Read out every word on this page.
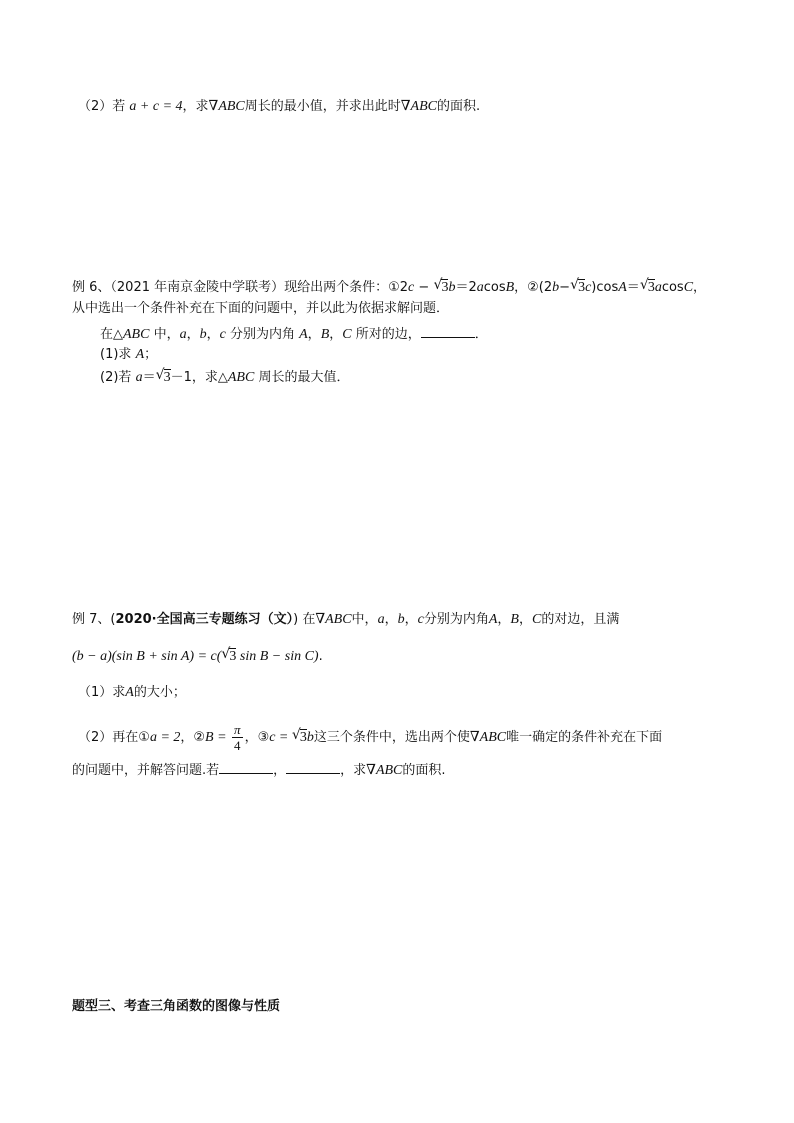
（2）若 a + c = 4，求∇ABC周长的最小值，并求出此时∇ABC的面积.
例 6、（2021 年南京金陵中学联考）现给出两个条件：①2c − √ 3b＝2acosB，②(2b− √ 3c)cosA＝ √ 3acosC，
从中选出一个条件补充在下面的问题中，并以此为依据求解问题．
在△ABC 中，a，b，c 分别为内角 A，B，C 所对的边，	．
(1)求 A；
(2)若 a＝ √ 3－1，求△ABC 周长的最大值．
例 7、(2020·全国高三专题练习（文）) 在∇ABC中，a，b，c分别为内角A，B，C的对边，且满
(b − a)(sin B + sin A) = c( √ 3 sin B − sin C).
（1）求A的大小；
（2）再在①a = 2，②B = $\frac{\pi}{4}$ ，③c = √ 3b这三个条件中，选出两个使∇ABC唯一确定的条件补充在下面
的问题中，并解答问题.若	，	，求∇ABC的面积.
题型三、考查三角函数的图像与性质
